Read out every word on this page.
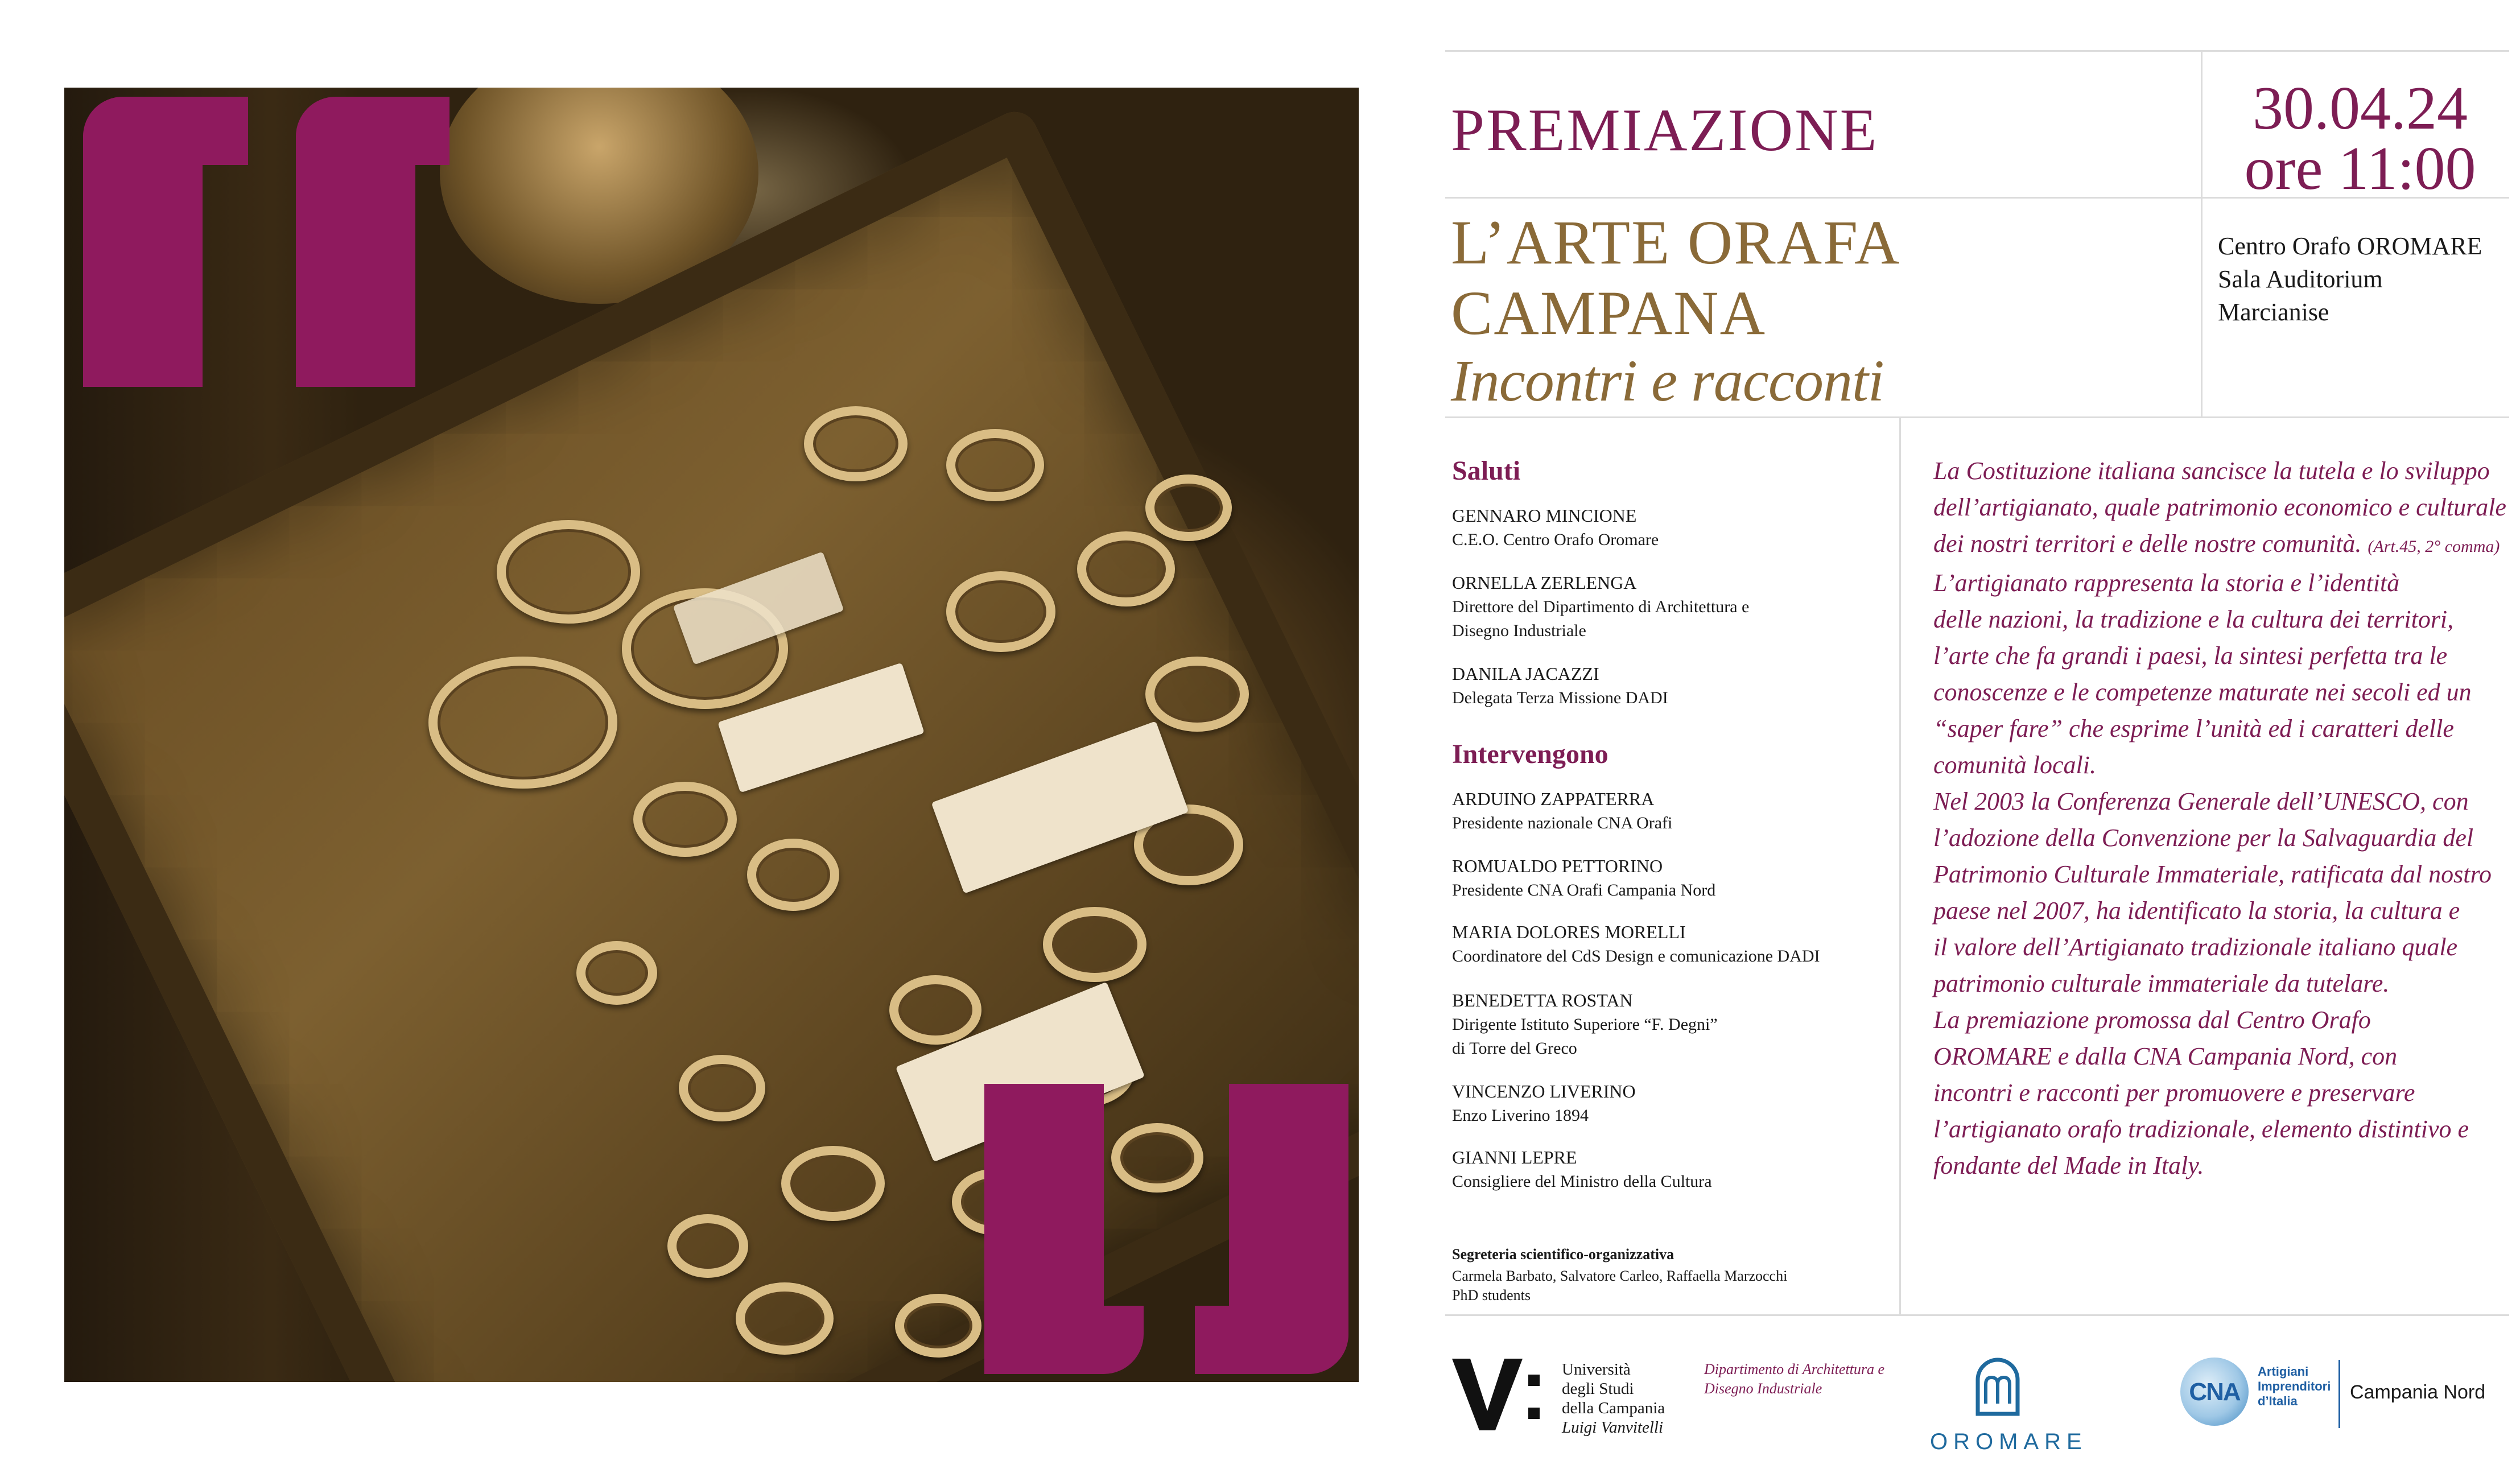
PREMIAZIONE	30.04.24
ore 11:00
L’ARTE ORAFA
CAMPANA
Incontri e racconti
Centro Orafo OROMARE
Sala Auditorium
Marcianise
Saluti
GENNARO MINCIONE
C.E.O. Centro Orafo Oromare
ORNELLA ZERLENGA
Direttore del Dipartimento di Architettura e
Disegno Industriale
DANILA JACAZZI
Delegata Terza Missione DADI
Intervengono
ARDUINO ZAPPATERRA
Presidente nazionale CNA Orafi
ROMUALDO PETTORINO
Presidente CNA Orafi Campania Nord
MARIA DOLORES MORELLI
Coordinatore del CdS Design e comunicazione DADI
BENEDETTA ROSTAN
Dirigente Istituto Superiore “F. Degni”
di Torre del Greco
VINCENZO LIVERINO
Enzo Liverino 1894
GIANNI LEPRE
Consigliere del Ministro della Cultura
Segreteria scientifico-organizzativa
Carmela Barbato, Salvatore Carleo, Raffaella Marzocchi
PhD students

La Costituzione italiana sancisce la tutela e lo sviluppo

dell’artigianato, quale patrimonio economico e culturale

dei nostri territori e delle nostre comunità. (Art.45, 2° comma)

L’artigianato rappresenta la storia e l’identità

delle nazioni, la tradizione e la cultura dei territori,

l’arte che fa grandi i paesi, la sintesi perfetta tra le

conoscenze e le competenze maturate nei secoli ed un

“saper fare” che esprime l’unità ed i caratteri delle

comunità locali.

Nel 2003 la Conferenza Generale dell’UNESCO, con

l’adozione della Convenzione per la Salvaguardia del

Patrimonio Culturale Immateriale, ratificata dal nostro

paese nel 2007, ha identificato la storia, la cultura e

il valore dell’Artigianato tradizionale italiano quale

patrimonio culturale immateriale da tutelare.

La premiazione promossa dal Centro Orafo

OROMARE e dalla CNA Campania Nord, con

incontri e racconti per promuovere e preservare

l’artigianato orafo tradizionale, elemento distintivo e

fondante del Made in Italy.

Università
degli Studi
della Campania
Luigi Vanvitelli
Dipartimento di Architettura e
Disegno Industriale
OROMARE
CNA
Artigiani
Imprenditori
d’Italia	Campania Nord
